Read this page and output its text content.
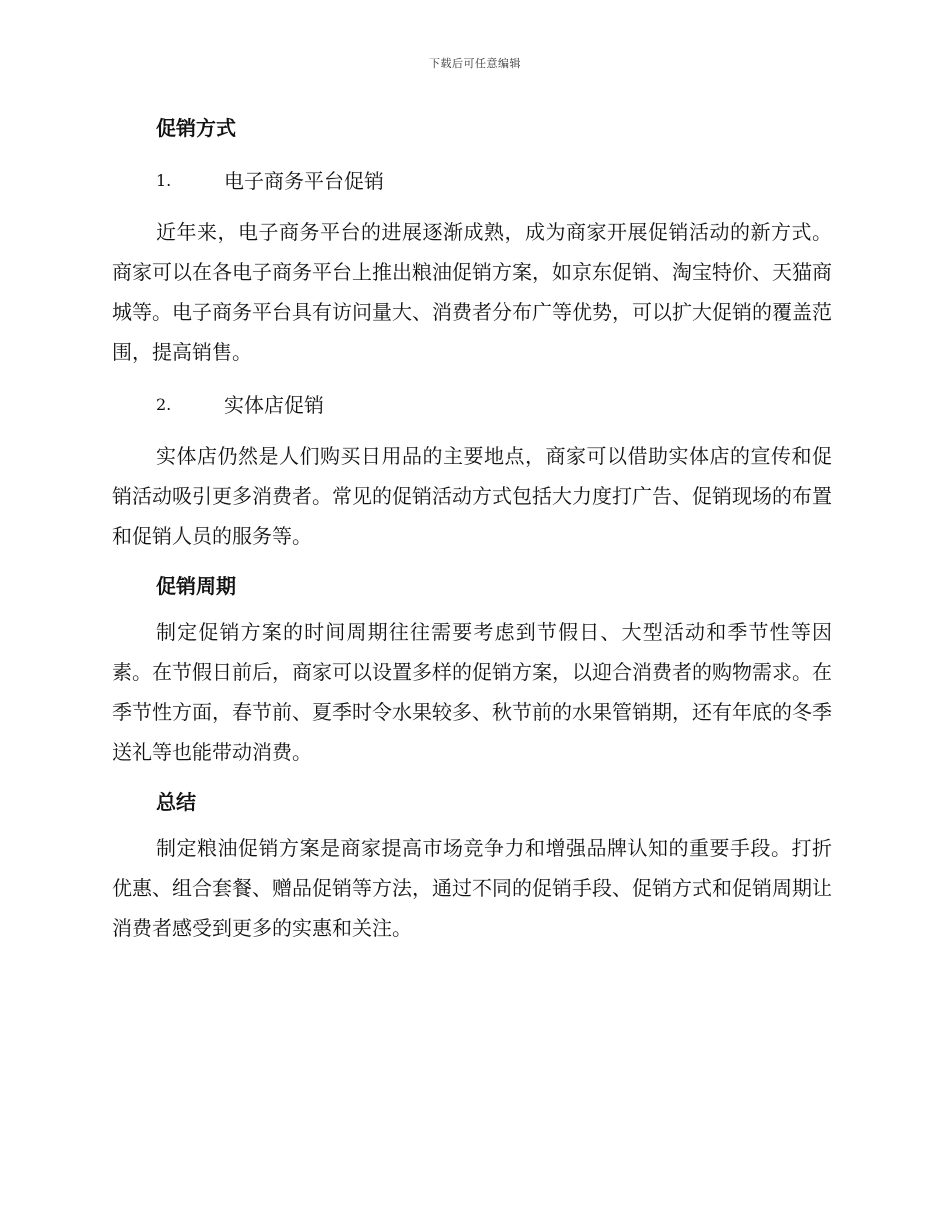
下载后可任意编辑
促销方式
1.	电子商务平台促销

近年来，电子商务平台的进展逐渐成熟，成为商家开展促销活动的新方式。商家可以在各电子商务平台上推出粮油促销方案，如京东促销、淘宝特价、天猫商城等。电子商务平台具有访问量大、消费者分布广等优势，可以扩大促销的覆盖范围，提高销售。

2.	实体店促销

实体店仍然是人们购买日用品的主要地点，商家可以借助实体店的宣传和促销活动吸引更多消费者。常见的促销活动方式包括大力度打广告、促销现场的布置和促销人员的服务等。

促销周期

制定促销方案的时间周期往往需要考虑到节假日、大型活动和季节性等因素。在节假日前后，商家可以设置多样的促销方案，以迎合消费者的购物需求。在季节性方面，春节前、夏季时令水果较多、秋节前的水果管销期，还有年底的冬季送礼等也能带动消费。

总结

制定粮油促销方案是商家提高市场竞争力和增强品牌认知的重要手段。打折优惠、组合套餐、赠品促销等方法，通过不同的促销手段、促销方式和促销周期让消费者感受到更多的实惠和关注。
